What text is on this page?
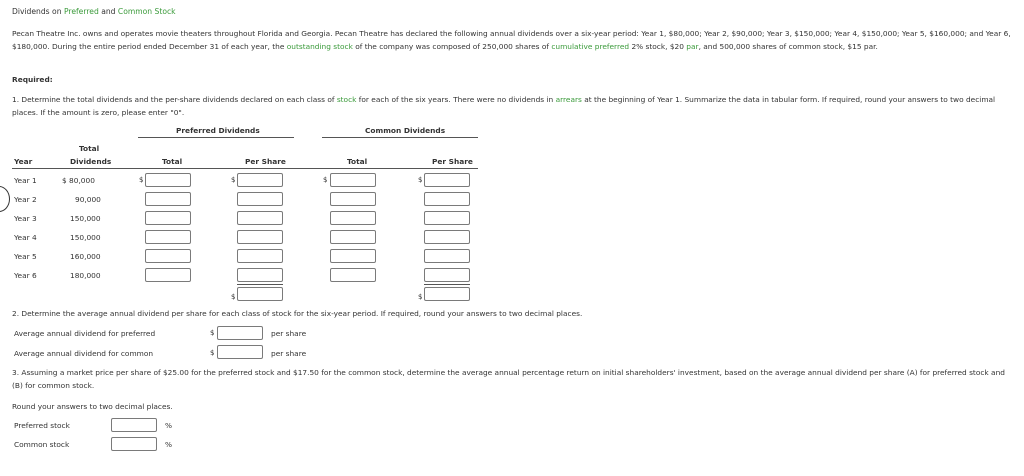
Dividends on Preferred and Common Stock
Pecan Theatre Inc. owns and operates movie theaters throughout Florida and Georgia. Pecan Theatre has declared the following annual dividends over a six-year period: Year 1, $80,000; Year 2, $90,000; Year 3, $150,000; Year 4, $150,000; Year 5, $160,000; and Year 6, $180,000. During the entire period ended December 31 of each year, the outstanding stock of the company was composed of 250,000 shares of cumulative preferred 2% stock, $20 par, and 500,000 shares of common stock, $15 par.
Required:
1. Determine the total dividends and the per-share dividends declared on each class of stock for each of the six years. There were no dividends in arrears at the beginning of Year 1. Summarize the data in tabular form. If required, round your answers to two decimal places. If the amount is zero, please enter "0".
Preferred Dividends	Common Dividends
Total
Year	Dividends	Total	Per Share	Total	Per Share
Year 1	$ 80,000	$	$	$	$
Year 2	90,000
Year 3	150,000
Year 4	150,000
Year 5	160,000
Year 6	180,000
$	$
2. Determine the average annual dividend per share for each class of stock for the six-year period. If required, round your answers to two decimal places.
Average annual dividend for preferred	$	per share
Average annual dividend for common	$	per share
3. Assuming a market price per share of $25.00 for the preferred stock and $17.50 for the common stock, determine the average annual percentage return on initial shareholders' investment, based on the average annual dividend per share (A) for preferred stock and (B) for common stock.
Round your answers to two decimal places.
Preferred stock	%
Common stock	%
